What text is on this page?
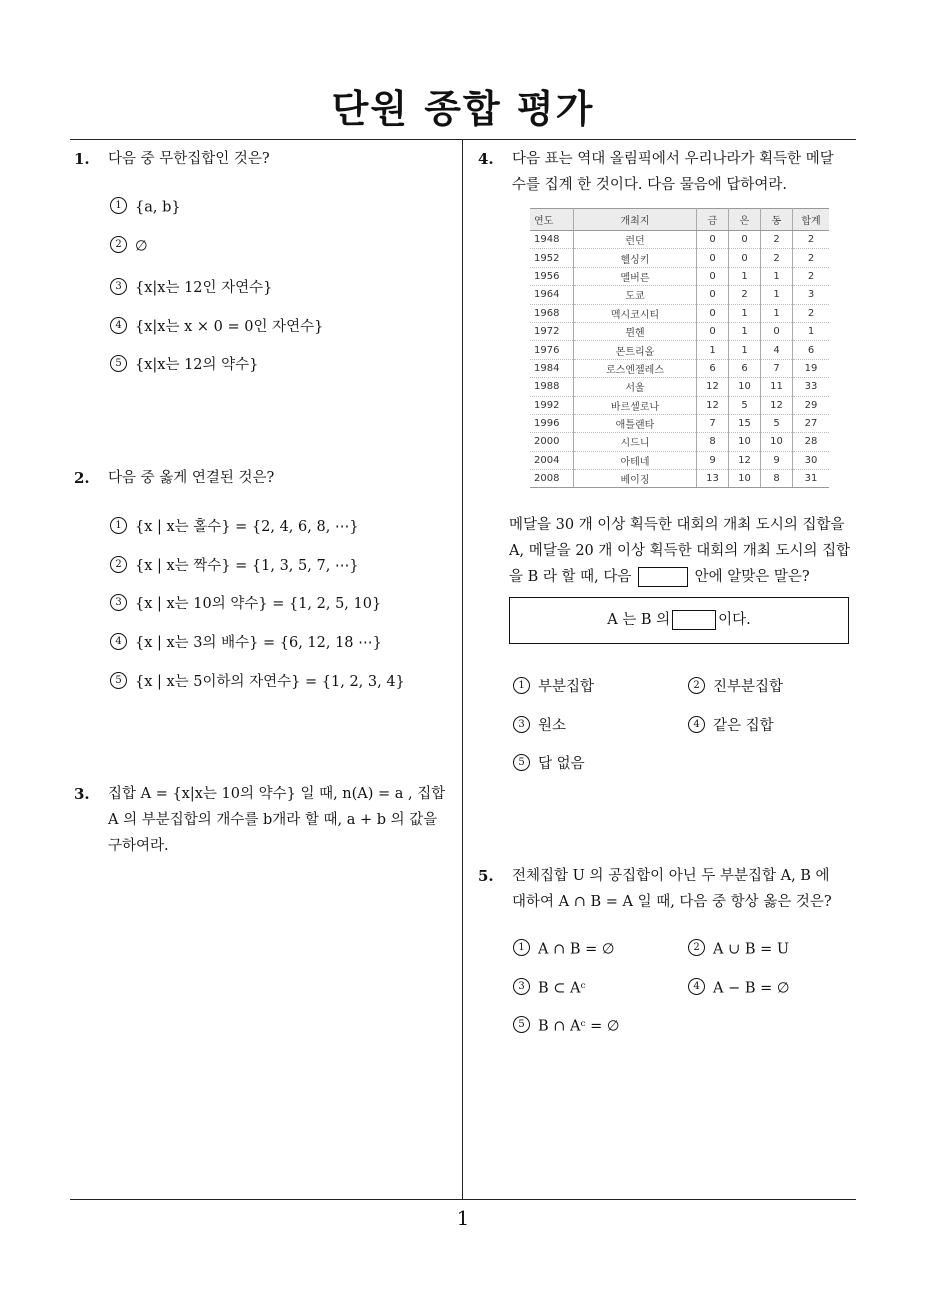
단원 종합 평가
1
1. 다음 중 무한집합인 것은?
1 {a, b}
2 ∅
3 {x|x는 12인 자연수}
4 {x|x는 x × 0 = 0인 자연수}
5 {x|x는 12의 약수}
2. 다음 중 옳게 연결된 것은?
1 {x | x는 홀수} = {2, 4, 6, 8, ⋯}
2 {x | x는 짝수} = {1, 3, 5, 7, ⋯}
3 {x | x는 10의 약수} = {1, 2, 5, 10}
4 {x | x는 3의 배수} = {6, 12, 18 ⋯}
5 {x | x는 5이하의 자연수} = {1, 2, 3, 4}
3. 집합 A = {x|x는 10의 약수} 일 때, n(A) = a , 집합
A 의 부분집합의 개수를 b개라 할 때, a + b 의 값을
구하여라.
4. 다음 표는 역대 올림픽에서 우리나라가 획득한 메달
수를 집계 한 것이다. 다음 물음에 답하여라.
연도	개최지	금	은	동	합계
1948	런던	0	0	2	2
1952	헬싱키	0	0	2	2
1956	멜버른	0	1	1	2
1964	도쿄	0	2	1	3
1968	멕시코시티	0	1	1	2
1972	뮌헨	0	1	0	1
1976	몬트리올	1	1	4	6
1984	로스엔젤레스	6	6	7	19
1988	서울	12	10	11	33
1992	바르셀로나	12	5	12	29
1996	애틀랜타	7	15	5	27
2000	시드니	8	10	10	28
2004	아테네	9	12	9	30
2008	베이징	13	10	8	31
메달을 30 개 이상 획득한 대회의 개최 도시의 집합을
A, 메달을 20 개 이상 획득한 대회의 개최 도시의 집합
을 B 라 할 때, 다음	안에 알맞은 말은?
A 는 B 의	이다.
1 부분집합	2 진부분집합
3 원소	4 같은 집합
5 답 없음
5. 전체집합 U 의 공집합이 아닌 두 부분집합 A, B 에
대하여 A ∩ B = A 일 때, 다음 중 항상 옳은 것은?
1 A ∩ B = ∅	2 A ∪ B = U
3 B ⊂ Aᶜ	4 A − B = ∅
5 B ∩ Aᶜ = ∅
